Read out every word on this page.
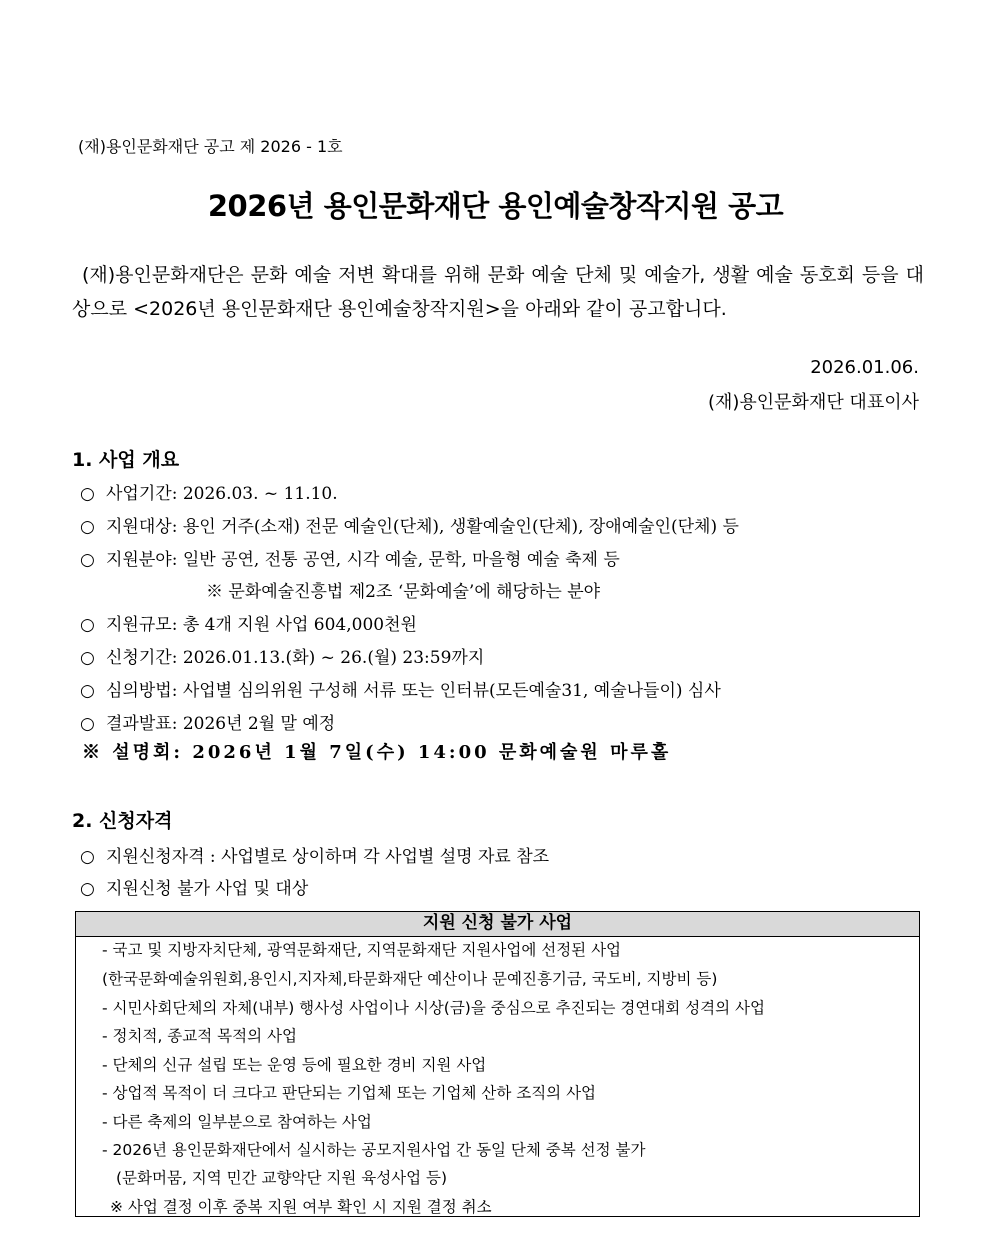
(재)용인문화재단 공고 제 2026 - 1호
2026년 용인문화재단 용인예술창작지원 공고
(재)용인문화재단은 문화 예술 저변 확대를 위해 문화 예술 단체 및 예술가, 생활 예술 동호회 등을 대상으로 <2026년 용인문화재단 용인예술창작지원>을 아래와 같이 공고합니다.
2026.01.06.
(재)용인문화재단 대표이사
1. 사업 개요
○ 사업기간: 2026.03. ~ 11.10.
○ 지원대상: 용인 거주(소재) 전문 예술인(단체), 생활예술인(단체), 장애예술인(단체) 등
○ 지원분야: 일반 공연, 전통 공연, 시각 예술, 문학, 마을형 예술 축제 등
※ 문화예술진흥법 제2조 ‘문화예술’에 해당하는 분야
○ 지원규모: 총 4개 지원 사업 604,000천원
○ 신청기간: 2026.01.13.(화) ~ 26.(월) 23:59까지
○ 심의방법: 사업별 심의위원 구성해 서류 또는 인터뷰(모든예술31, 예술나들이) 심사
○ 결과발표: 2026년 2월 말 예정
※ 설명회: 2026년 1월 7일(수) 14:00 문화예술원 마루홀
2. 신청자격
○ 지원신청자격 : 사업별로 상이하며 각 사업별 설명 자료 참조
○ 지원신청 불가 사업 및 대상
지원 신청 불가 사업
- 국고 및 지방자치단체, 광역문화재단, 지역문화재단 지원사업에 선정된 사업
(한국문화예술위원회,용인시,지자체,타문화재단 예산이나 문예진흥기금, 국도비, 지방비 등)
- 시민사회단체의 자체(내부) 행사성 사업이나 시상(금)을 중심으로 추진되는 경연대회 성격의 사업
- 정치적, 종교적 목적의 사업
- 단체의 신규 설립 또는 운영 등에 필요한 경비 지원 사업
- 상업적 목적이 더 크다고 판단되는 기업체 또는 기업체 산하 조직의 사업
- 다른 축제의 일부분으로 참여하는 사업
- 2026년 용인문화재단에서 실시하는 공모지원사업 간 동일 단체 중복 선정 불가
(문화머뭄, 지역 민간 교향악단 지원 육성사업 등)
※ 사업 결정 이후 중복 지원 여부 확인 시 지원 결정 취소
